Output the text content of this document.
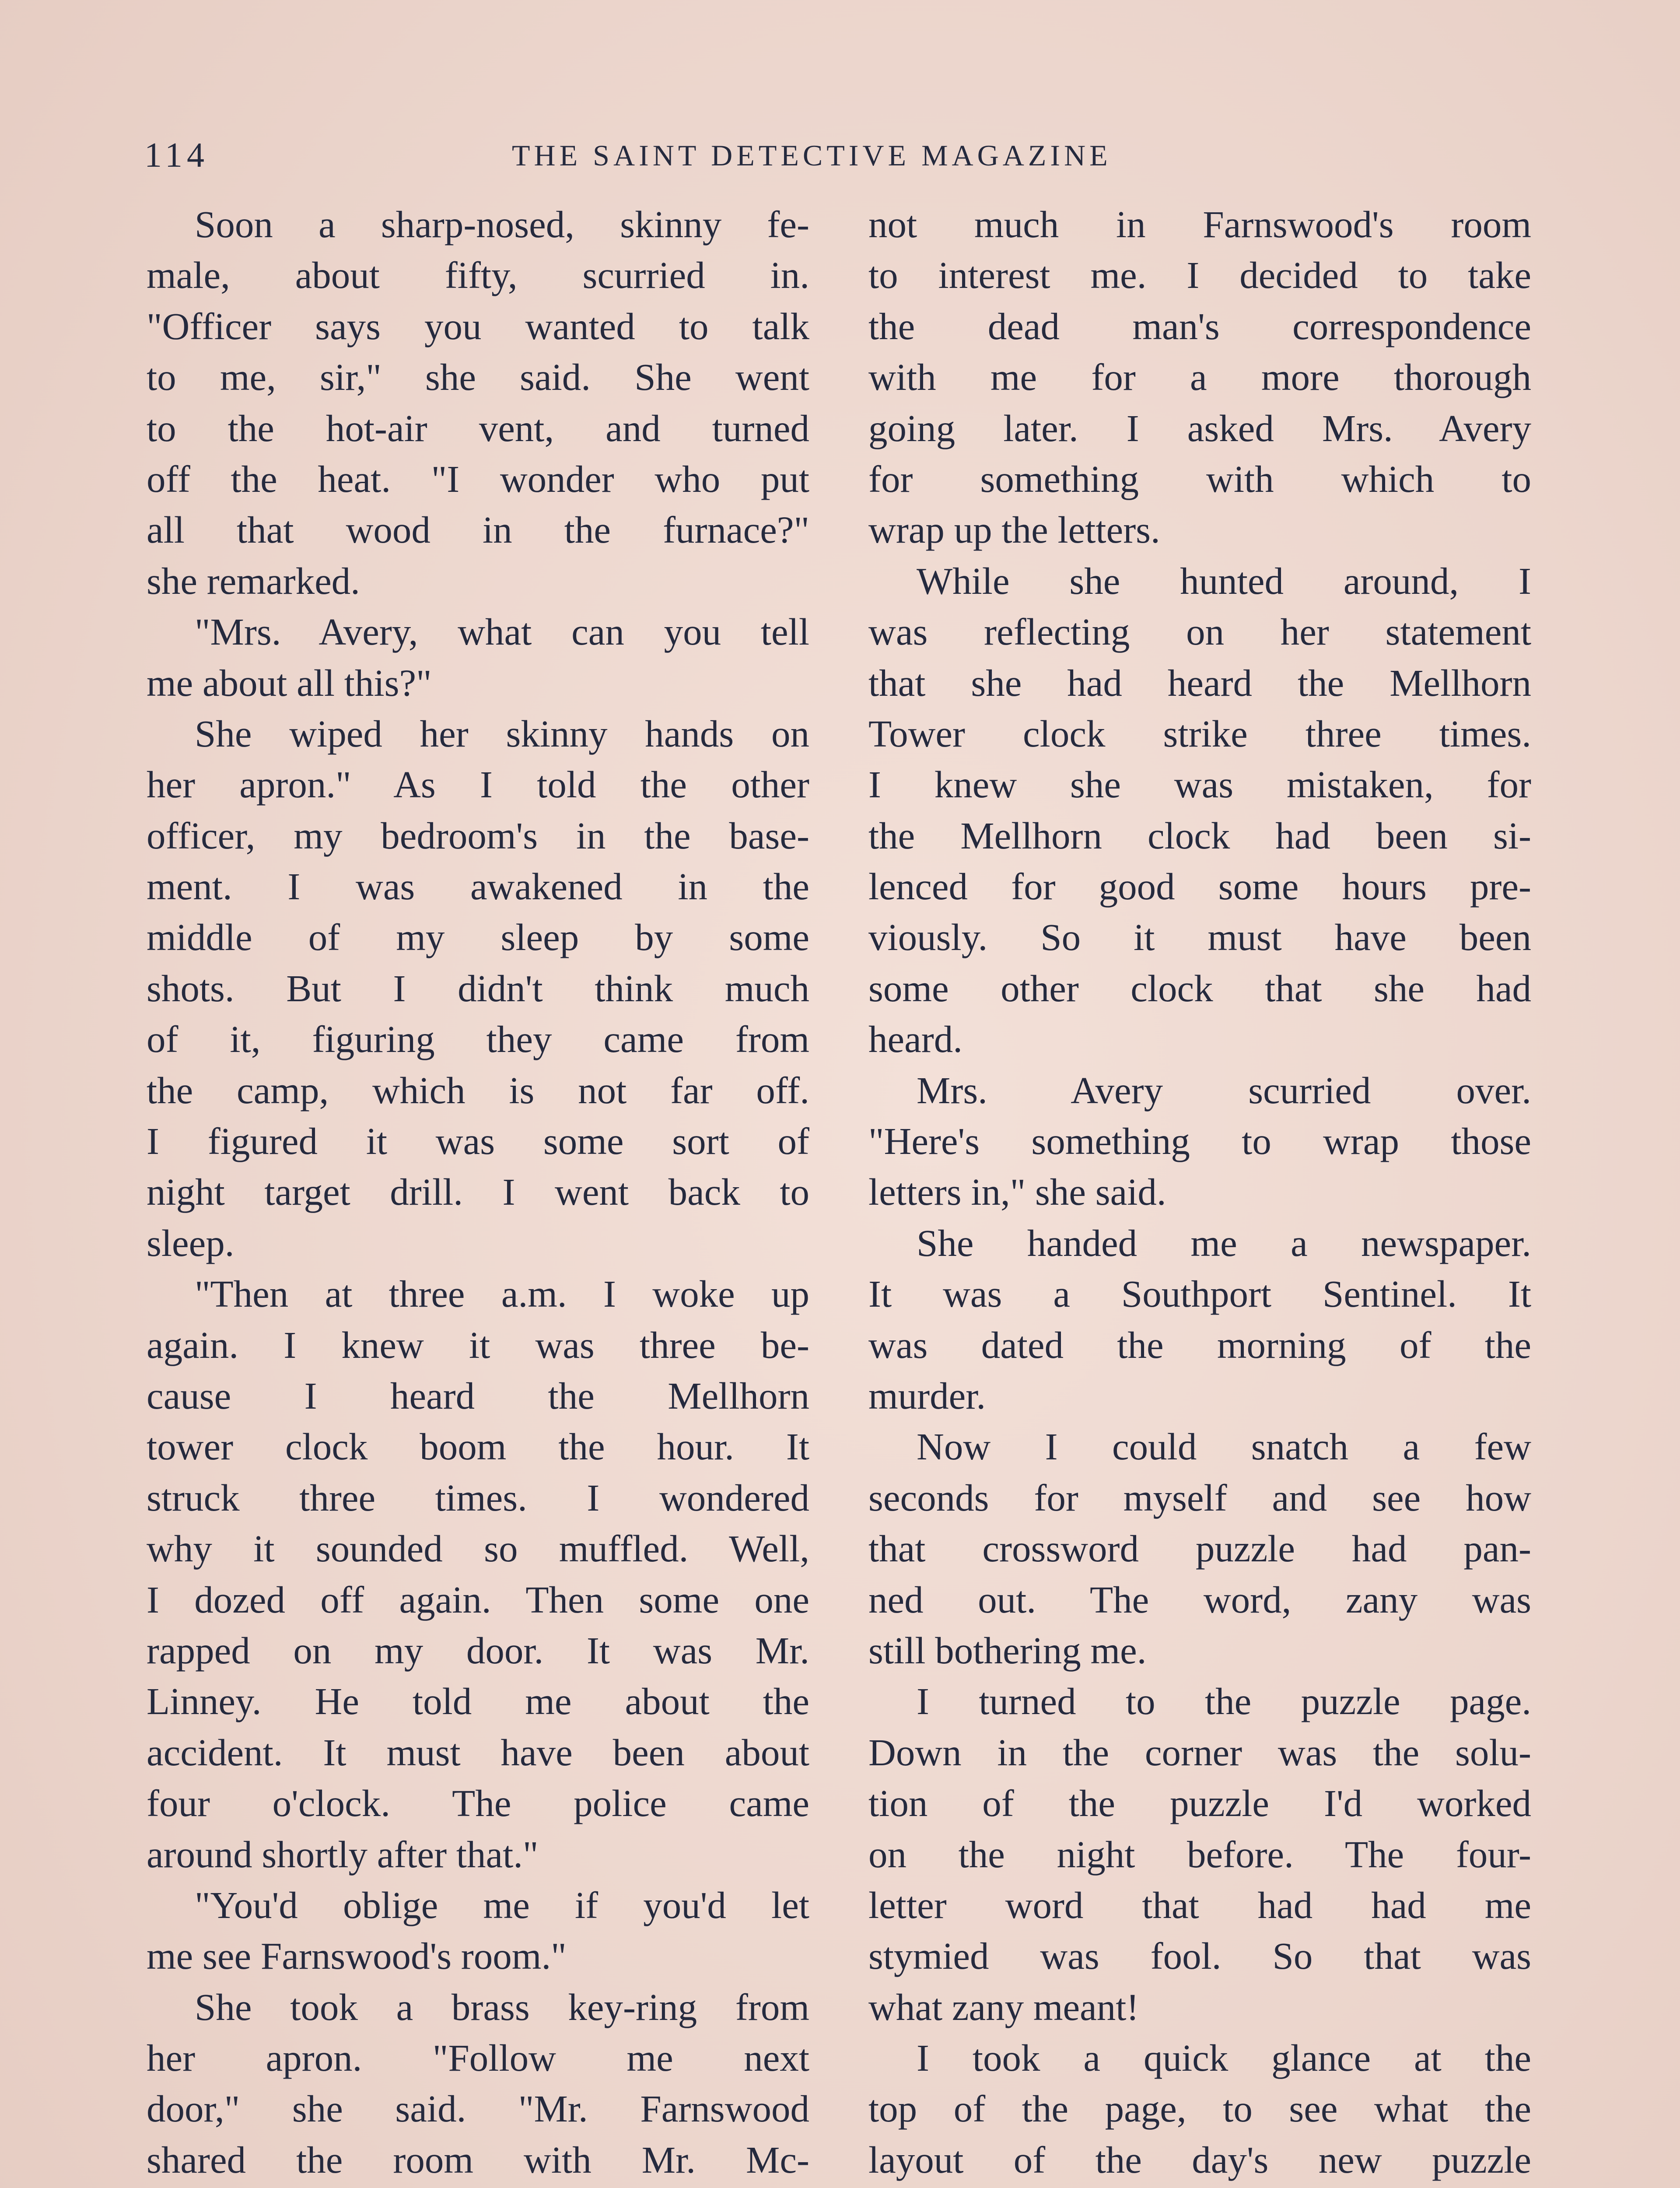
114	THE SAINT DETECTIVE MAGAZINE
Soon a sharp-nosed, skinny fe-
male, about fifty, scurried in.
"Officer says you wanted to talk
to me, sir," she said. She went
to the hot-air vent, and turned
off the heat. "I wonder who put
all that wood in the furnace?"
she remarked.
"Mrs. Avery, what can you tell
me about all this?"
She wiped her skinny hands on
her apron." As I told the other
officer, my bedroom's in the base-
ment. I was awakened in the
middle of my sleep by some
shots. But I didn't think much
of it, figuring they came from
the camp, which is not far off.
I figured it was some sort of
night target drill. I went back to
sleep.
"Then at three a.m. I woke up
again. I knew it was three be-
cause I heard the Mellhorn
tower clock boom the hour. It
struck three times. I wondered
why it sounded so muffled. Well,
I dozed off again. Then some one
rapped on my door. It was Mr.
Linney. He told me about the
accident. It must have been about
four o'clock. The police came
around shortly after that."
"You'd oblige me if you'd let
me see Farnswood's room."
She took a brass key-ring from
her apron. "Follow me next
door," she said. "Mr. Farnswood
shared the room with Mr. Mc-
not much in Farnswood's room
to interest me. I decided to take
the dead man's correspondence
with me for a more thorough
going later. I asked Mrs. Avery
for something with which to
wrap up the letters.
While she hunted around, I
was reflecting on her statement
that she had heard the Mellhorn
Tower clock strike three times.
I knew she was mistaken, for
the Mellhorn clock had been si-
lenced for good some hours pre-
viously. So it must have been
some other clock that she had
heard.
Mrs. Avery scurried over.
"Here's something to wrap those
letters in," she said.
She handed me a newspaper.
It was a Southport Sentinel. It
was dated the morning of the
murder.
Now I could snatch a few
seconds for myself and see how
that crossword puzzle had pan-
ned out. The word, zany was
still bothering me.
I turned to the puzzle page.
Down in the corner was the solu-
tion of the puzzle I'd worked
on the night before. The four-
letter word that had had me
stymied was fool. So that was
what zany meant!
I took a quick glance at the
top of the page, to see what the
layout of the day's new puzzle
